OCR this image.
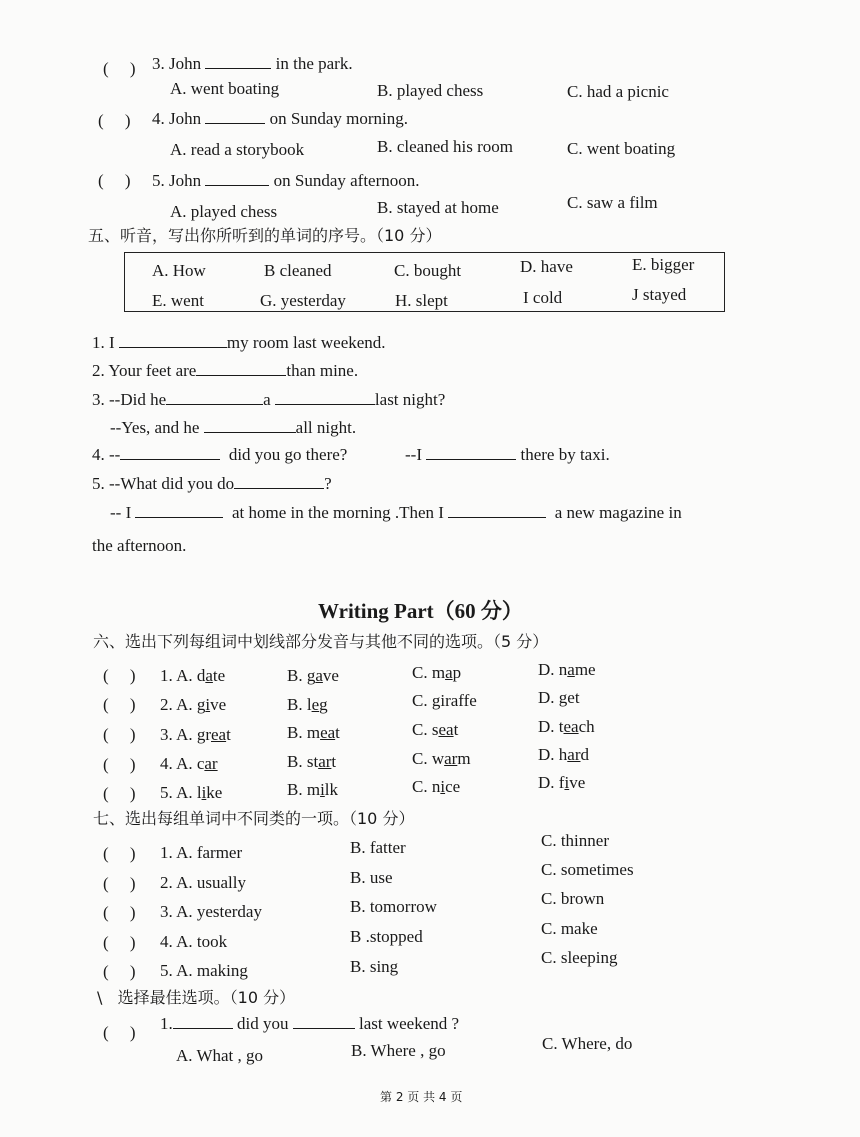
( ) 3. John	in the park.
A. went boating	B. played chess	C. had a picnic
( ) 4. John	on Sunday morning.
A. read a storybook	B. cleaned his room	C. went boating
( ) 5. John	on Sunday afternoon.
A. played chess	B. stayed at home	C. saw a film
五、听音，写出你所听到的单词的序号。（10 分）
A. How	B cleaned	C. bought	D. have	E. bigger
E. went	G. yesterday	H. slept	I cold	J stayed
1. I	my room last weekend.
2. Your feet are	than mine.
3. --Did he	a	last night?
--Yes, and he	all night.
4. --	did you go there?	--I	there by taxi.
5. --What did you do	?
-- I	at home in the morning .Then I	a new magazine in
the afternoon.
Writing Part（60 分）
六、选出下列每组词中划线部分发音与其他不同的选项。（5 分）
( ) 1. A. date	B. gave	C. map	D. name
( ) 2. A. give	B. leg	C. giraffe	D. get
( ) 3. A. great	B. meat	C. seat	D. teach
( ) 4. A. car	B. start	C. warm	D. hard
( ) 5. A. like	B. milk	C. nice	D. five
七、选出每组单词中不同类的一项。（10 分）
( ) 1. A. farmer	B. fatter	C. thinner
( ) 2. A. usually	B. use	C. sometimes
( ) 3. A. yesterday	B. tomorrow	C. brown
( ) 4. A. took	B .stopped	C. make
( ) 5. A. making	B. sing	C. sleeping
\ 选择最佳选项。（10 分）
( ) 1.	did you	last weekend ?
A. What , go	B. Where , go	C. Where, do
第 2 页 共 4 页
